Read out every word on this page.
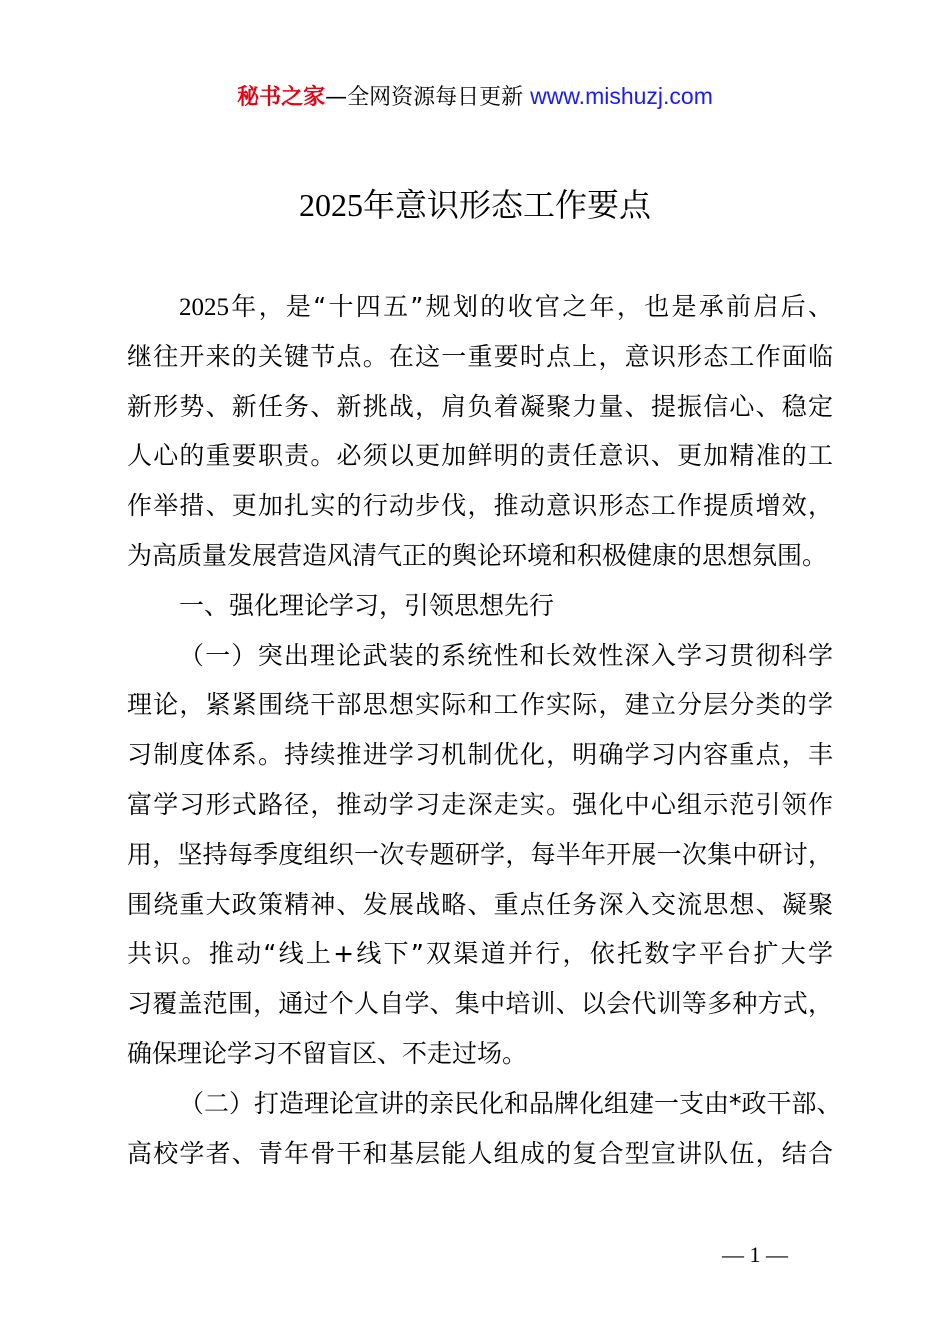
秘书之家—全网资源每日更新 www.mishuzj.com
2025年意识形态工作要点
2025年，是“十四五”规划的收官之年，也是承前启后、
继往开来的关键节点。在这一重要时点上，意识形态工作面临
新形势、新任务、新挑战，肩负着凝聚力量、提振信心、稳定
人心的重要职责。必须以更加鲜明的责任意识、更加精准的工
作举措、更加扎实的行动步伐，推动意识形态工作提质增效，
为高质量发展营造风清气正的舆论环境和积极健康的思想氛围。
一、强化理论学习，引领思想先行
（一）突出理论武装的系统性和长效性深入学习贯彻科学
理论，紧紧围绕干部思想实际和工作实际，建立分层分类的学
习制度体系。持续推进学习机制优化，明确学习内容重点，丰
富学习形式路径，推动学习走深走实。强化中心组示范引领作
用，坚持每季度组织一次专题研学，每半年开展一次集中研讨，
围绕重大政策精神、发展战略、重点任务深入交流思想、凝聚
共识。推动“线上+线下”双渠道并行，依托数字平台扩大学
习覆盖范围，通过个人自学、集中培训、以会代训等多种方式，
确保理论学习不留盲区、不走过场。
（二）打造理论宣讲的亲民化和品牌化组建一支由*政干部、
高校学者、青年骨干和基层能人组成的复合型宣讲队伍，结合
— 1 —
